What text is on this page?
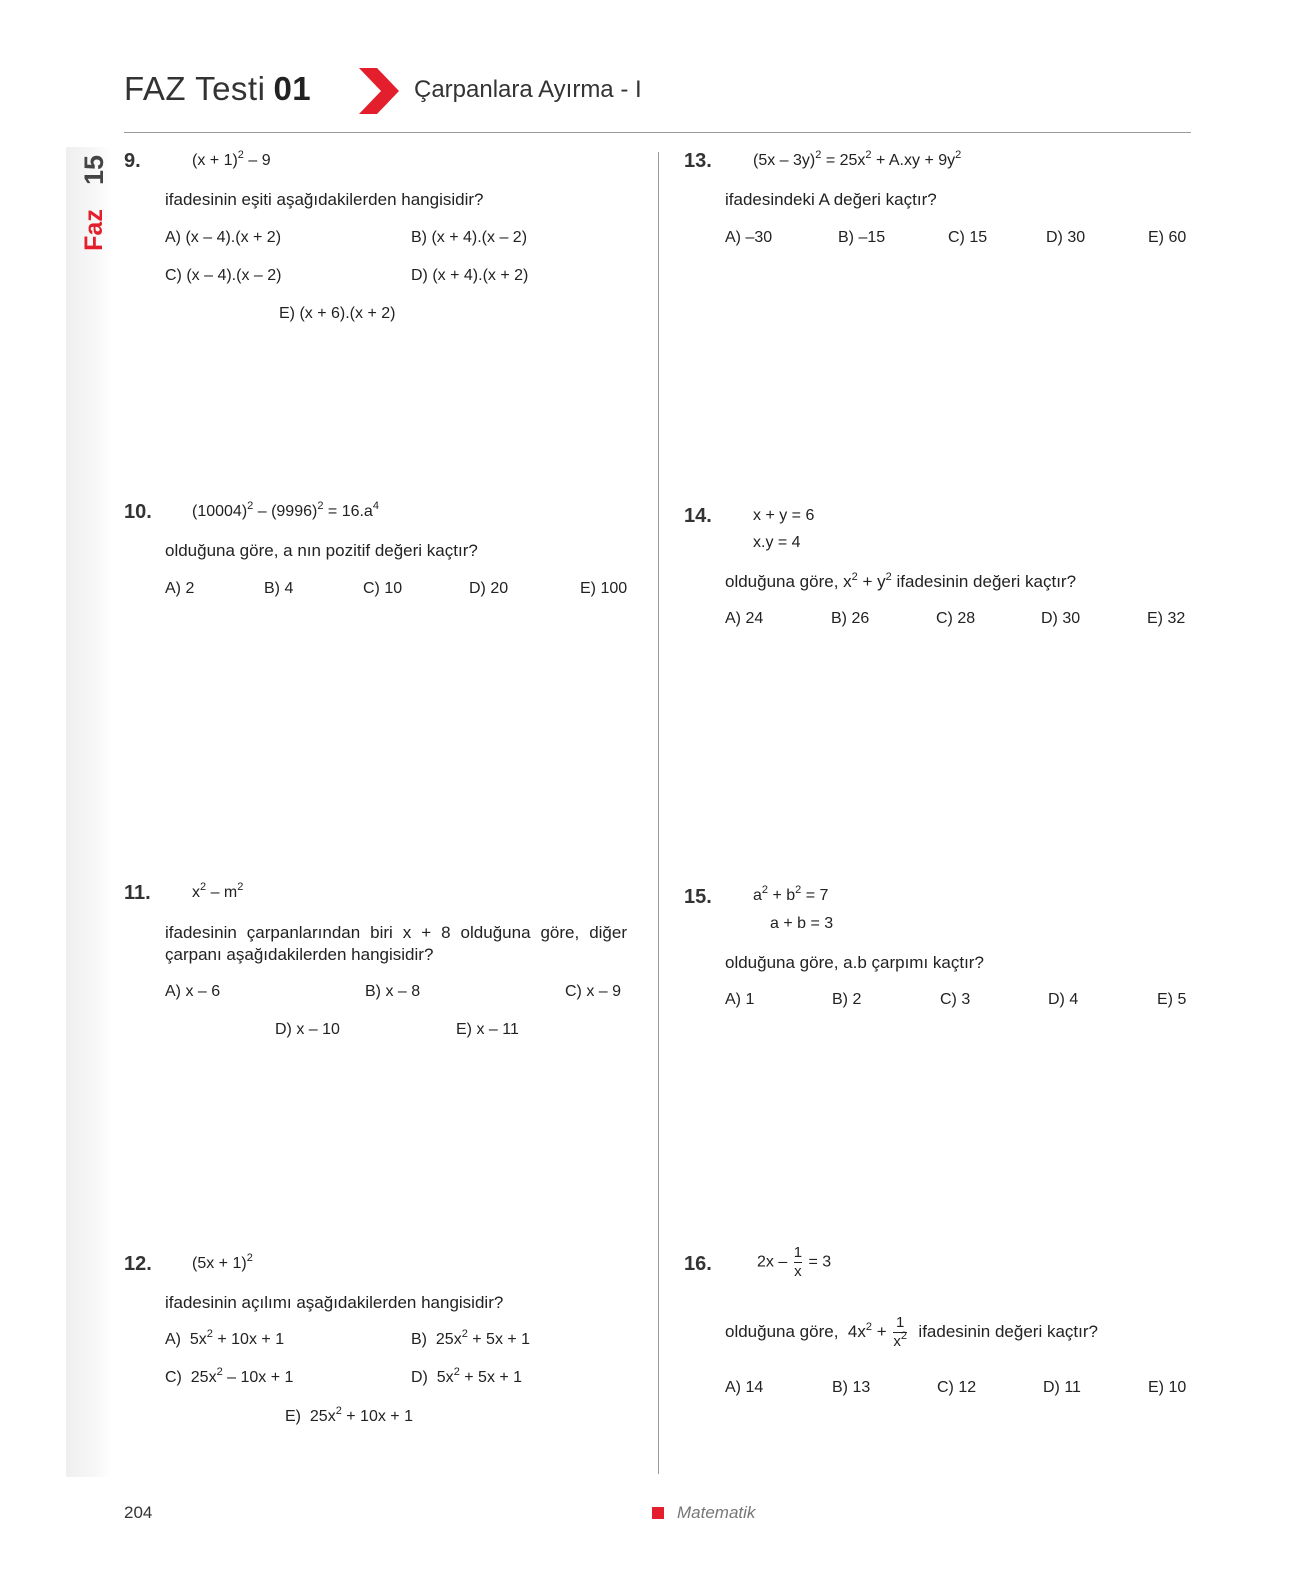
FAZ Testi 01	Çarpanlara Ayırma - I
15
Faz
9.	$(x + 1)^2 - 9$
ifadesinin eşiti aşağıdakilerden hangisidir?
A) (x – 4).(x + 2)	B) (x + 4).(x – 2)
C) (x – 4).(x – 2)	D) (x + 4).(x + 2)
E) (x + 6).(x + 2)
10.	$(10004)^2 - (9996)^2 = 16.a^4$
olduğuna göre, a nın pozitif değeri kaçtır?
A) 2	B) 4	C) 10	D) 20	E) 100
11.	$x^2 - m^2$
ifadesinin çarpanlarından biri x + 8 olduğuna göre, diğer çarpanı aşağıdakilerden hangisidir?
A) x – 6	B) x – 8	C) x – 9
D) x – 10	E) x – 11
12.	$(5x + 1)^2$
ifadesinin açılımı aşağıdakilerden hangisidir?
A)  $5x^2 + 10x + 1$	B)  $25x^2 + 5x + 1$
C)  $25x^2 - 10x + 1$	D)  $5x^2 + 5x + 1$
E)  $25x^2 + 10x + 1$
13.	$(5x - 3y)^2 = 25x^2 + A.xy + 9y^2$
ifadesindeki A değeri kaçtır?
A) –30	B) –15	C) 15	D) 30	E) 60
14.	x + y = 6
x.y = 4
olduğuna göre, $x^2 + y^2$ ifadesinin değeri kaçtır?
A) 24	B) 26	C) 28	D) 30	E) 32
15.	$a^2 + b^2 = 7$
a + b = 3
olduğuna göre, a.b çarpımı kaçtır?
A) 1	B) 2	C) 3	D) 4	E) 5
16.	$2x - \frac{1}{x} = 3$
olduğuna göre,  $4x^2 + \frac{1}{x^2}$ ifadesinin değeri kaçtır?
A) 14	B) 13	C) 12	D) 11	E) 10
204	Matematik
